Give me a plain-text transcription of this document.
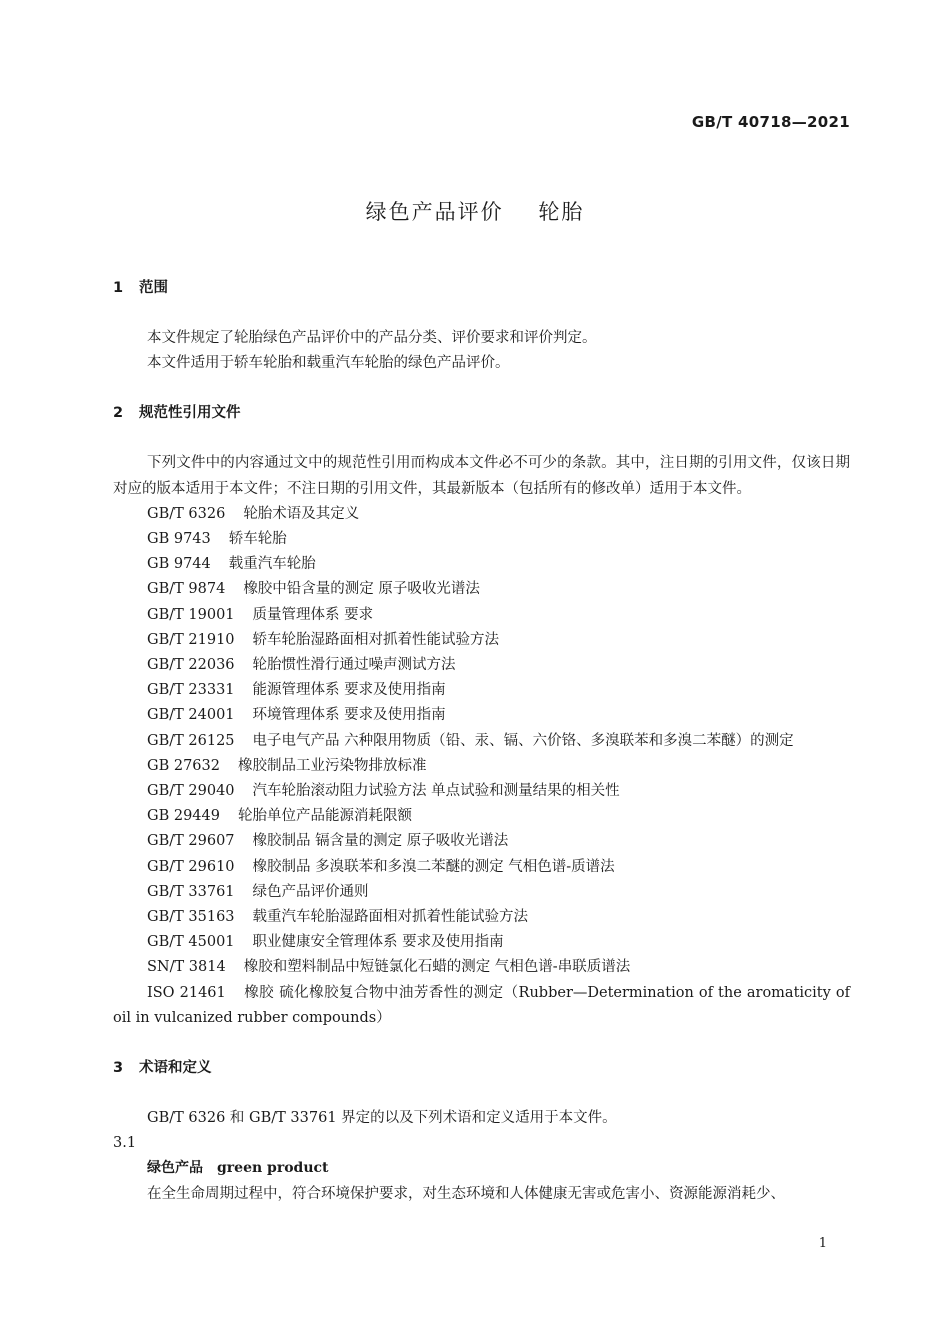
GB/T 40718—2021
绿色产品评价    轮胎
1 范围

本文件规定了轮胎绿色产品评价中的产品分类、评价要求和评价判定。

本文件适用于轿车轮胎和载重汽车轮胎的绿色产品评价。

2 规范性引用文件

下列文件中的内容通过文中的规范性引用而构成本文件必不可少的条款。其中，注日期的引用文件，仅该日期对应的版本适用于本文件；不注日期的引用文件，其最新版本（包括所有的修改单）适用于本文件。

GB/T 6326 轮胎术语及其定义
GB 9743 轿车轮胎
GB 9744 载重汽车轮胎
GB/T 9874 橡胶中铅含量的测定 原子吸收光谱法
GB/T 19001 质量管理体系 要求
GB/T 21910 轿车轮胎湿路面相对抓着性能试验方法
GB/T 22036 轮胎惯性滑行通过噪声测试方法
GB/T 23331 能源管理体系 要求及使用指南
GB/T 24001 环境管理体系 要求及使用指南
GB/T 26125 电子电气产品 六种限用物质（铅、汞、镉、六价铬、多溴联苯和多溴二苯醚）的测定
GB 27632 橡胶制品工业污染物排放标准
GB/T 29040 汽车轮胎滚动阻力试验方法 单点试验和测量结果的相关性
GB 29449 轮胎单位产品能源消耗限额
GB/T 29607 橡胶制品 镉含量的测定 原子吸收光谱法
GB/T 29610 橡胶制品 多溴联苯和多溴二苯醚的测定 气相色谱-质谱法
GB/T 33761 绿色产品评价通则
GB/T 35163 载重汽车轮胎湿路面相对抓着性能试验方法
GB/T 45001 职业健康安全管理体系 要求及使用指南
SN/T 3814 橡胶和塑料制品中短链氯化石蜡的测定 气相色谱-串联质谱法
ISO 21461 橡胶 硫化橡胶复合物中油芳香性的测定（Rubber—Determination of the aromaticity of oil in vulcanized rubber compounds）
3 术语和定义

GB/T 6326 和 GB/T 33761 界定的以及下列术语和定义适用于本文件。

3.1

绿色产品 green product
在全生命周期过程中，符合环境保护要求，对生态环境和人体健康无害或危害小、资源能源消耗少、
1
